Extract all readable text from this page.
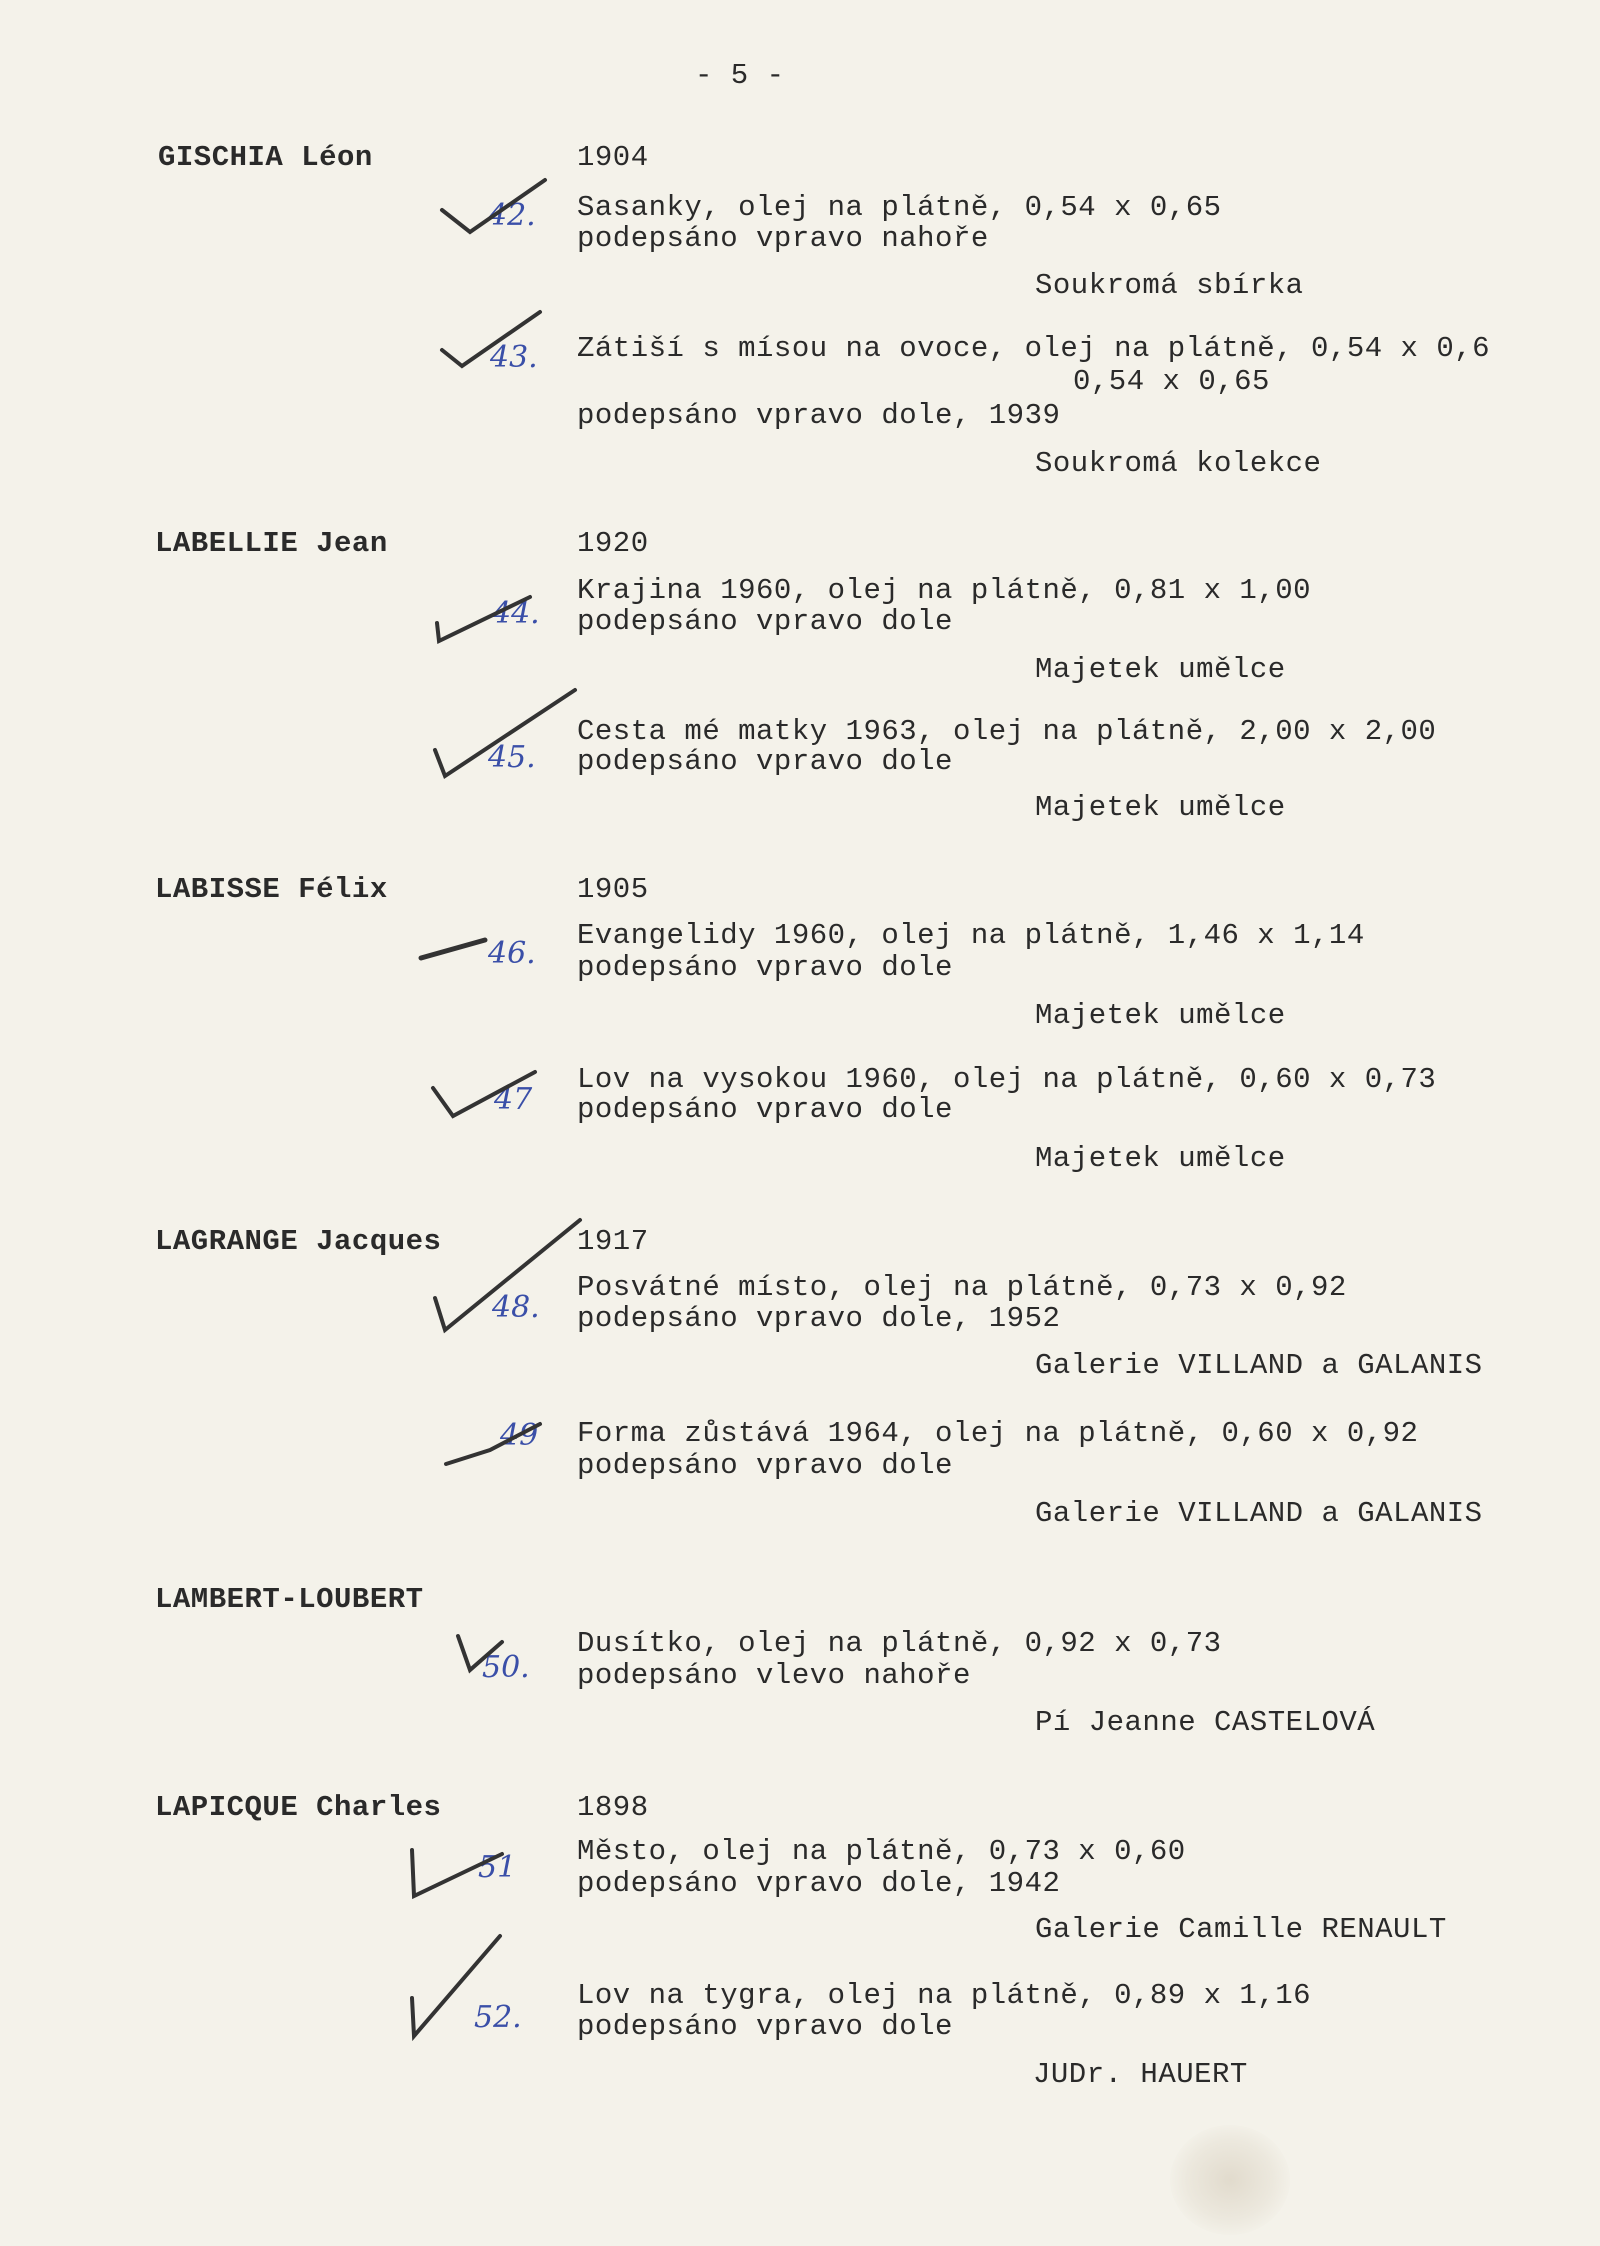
- 5 -
GISCHIA Léon	1904
42. Sasanky, olej na plátně, 0,54 x 0,65
podepsáno vpravo nahoře
Soukromá sbírka
43. Zátiší s mísou na ovoce, olej na plátně, 0,54 x 0,6
0,54 x 0,65
podepsáno vpravo dole, 1939
Soukromá kolekce
LABELLIE Jean	1920
44.
Krajina 1960, olej na plátně, 0,81 x 1,00
podepsáno vpravo dole
Majetek umělce
45.
Cesta mé matky 1963, olej na plátně, 2,00 x 2,00
podepsáno vpravo dole
Majetek umělce
LABISSE Félix	1905
46.
Evangelidy 1960, olej na plátně, 1,46 x 1,14
podepsáno vpravo dole
Majetek umělce
47
Lov na vysokou 1960, olej na plátně, 0,60 x 0,73
podepsáno vpravo dole
Majetek umělce
LAGRANGE Jacques	1917
48.
Posvátné místo, olej na plátně, 0,73 x 0,92
podepsáno vpravo dole, 1952
Galerie VILLAND a GALANIS
49 Forma zůstává 1964, olej na plátně, 0,60 x 0,92
podepsáno vpravo dole
Galerie VILLAND a GALANIS
LAMBERT-LOUBERT
50.
Dusítko, olej na plátně, 0,92 x 0,73
podepsáno vlevo nahoře
Pí Jeanne CASTELOVÁ
LAPICQUE Charles	1898
51 Město, olej na plátně, 0,73 x 0,60
podepsáno vpravo dole, 1942
Galerie Camille RENAULT
52.
Lov na tygra, olej na plátně, 0,89 x 1,16
podepsáno vpravo dole
JUDr. HAUERT
